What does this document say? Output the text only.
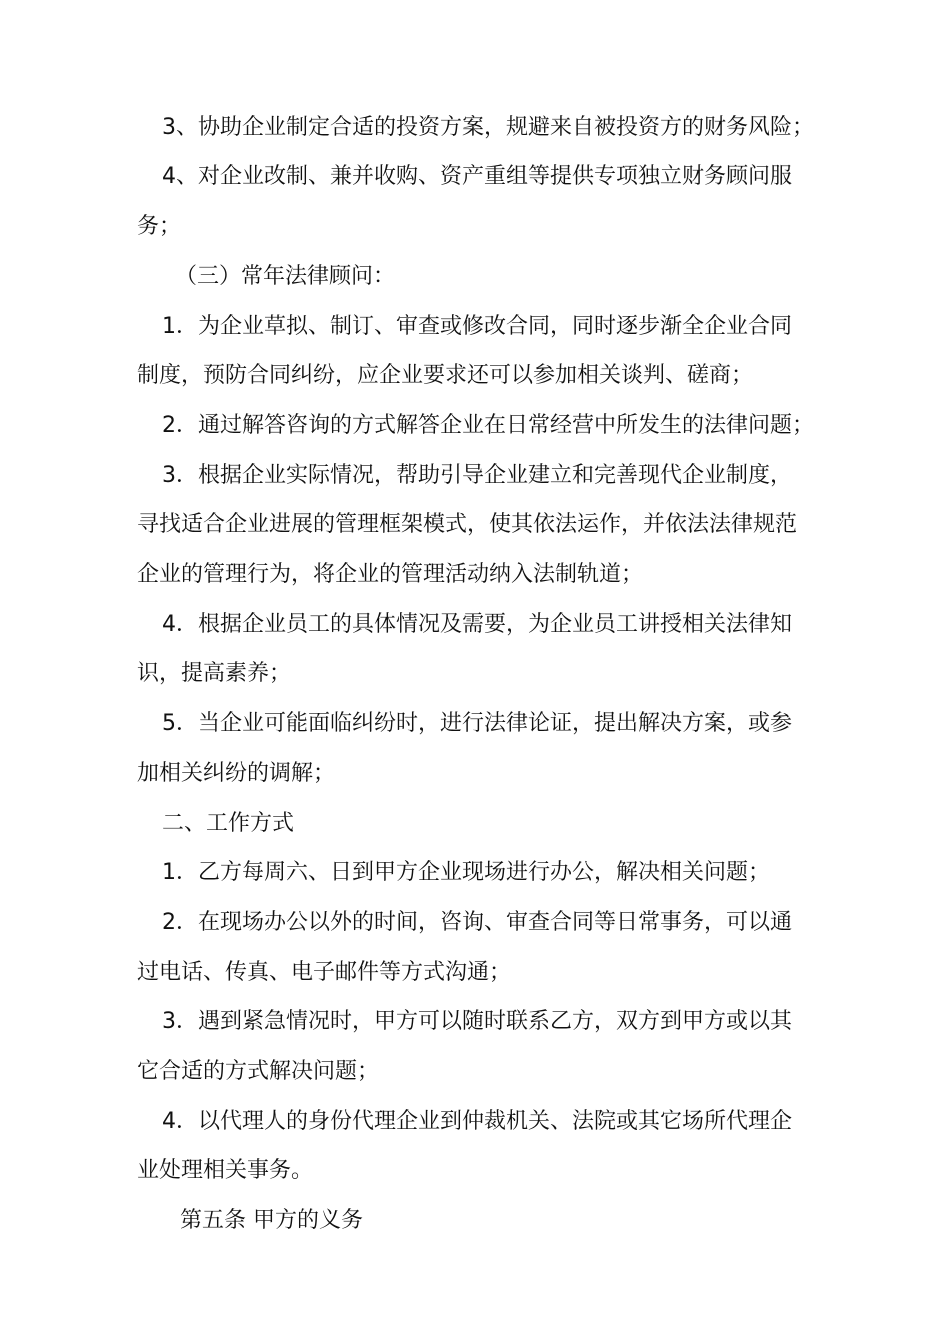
3、协助企业制定合适的投资方案，规避来自被投资方的财务风险；
4、对企业改制、兼并收购、资产重组等提供专项独立财务顾问服
务；
（三）常年法律顾问：
1．为企业草拟、制订、审查或修改合同，同时逐步渐全企业合同
制度，预防合同纠纷，应企业要求还可以参加相关谈判、磋商；
2．通过解答咨询的方式解答企业在日常经营中所发生的法律问题；
3．根据企业实际情况，帮助引导企业建立和完善现代企业制度，
寻找适合企业进展的管理框架模式，使其依法运作，并依法法律规范
企业的管理行为，将企业的管理活动纳入法制轨道；
4．根据企业员工的具体情况及需要，为企业员工讲授相关法律知
识，提高素养；
5．当企业可能面临纠纷时，进行法律论证，提出解决方案，或参
加相关纠纷的调解；
二、工作方式
1．乙方每周六、日到甲方企业现场进行办公，解决相关问题；
2．在现场办公以外的时间，咨询、审查合同等日常事务，可以通
过电话、传真、电子邮件等方式沟通；
3．遇到紧急情况时，甲方可以随时联系乙方，双方到甲方或以其
它合适的方式解决问题；
4．以代理人的身份代理企业到仲裁机关、法院或其它场所代理企
业处理相关事务。
第五条 甲方的义务
